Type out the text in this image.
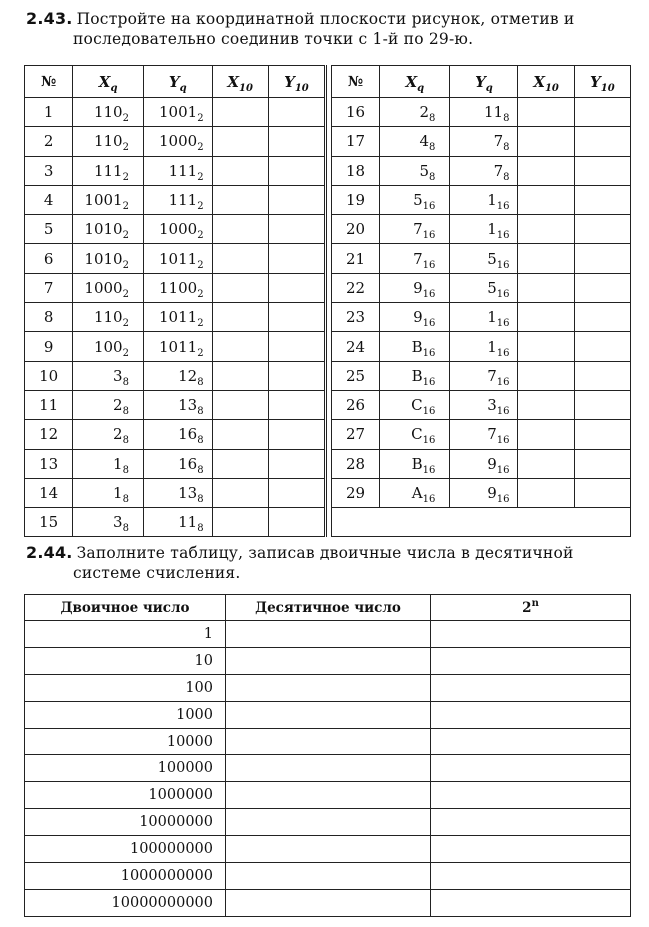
2.43. Постройте на координатной плоскости рисунок, отметив и
последовательно соединив точки с 1-й по 29-ю.
№	$X_q$	$Y_q$	$X_{10}$	$Y_{10}$		№	$X_q$	$Y_q$	$X_{10}$	$Y_{10}$
1	$110_2$	$1001_2$				16	$2_8$	$11_8$		
2	$110_2$	$1000_2$				17	$4_8$	$7_8$		
3	$111_2$	$111_2$				18	$5_8$	$7_8$		
4	$1001_2$	$111_2$				19	$5_{16}$	$1_{16}$		
5	$1010_2$	$1000_2$				20	$7_{16}$	$1_{16}$		
6	$1010_2$	$1011_2$				21	$7_{16}$	$5_{16}$		
7	$1000_2$	$1100_2$				22	$9_{16}$	$5_{16}$		
8	$110_2$	$1011_2$				23	$9_{16}$	$1_{16}$		
9	$100_2$	$1011_2$				24	$B_{16}$	$1_{16}$		
10	$3_8$	$12_8$				25	$B_{16}$	$7_{16}$		
11	$2_8$	$13_8$				26	$C_{16}$	$3_{16}$		
12	$2_8$	$16_8$				27	$C_{16}$	$7_{16}$		
13	$1_8$	$16_8$				28	$B_{16}$	$9_{16}$		
14	$1_8$	$13_8$				29	$A_{16}$	$9_{16}$		
15	$3_8$	$11_8$				
2.44. Заполните таблицу, записав двоичные числа в десятичной
системе счисления.
Двоичное число	Десятичное число	2$^n$
1		
10		
100		
1000		
10000		
100000		
1000000		
10000000		
100000000		
1000000000		
10000000000		
